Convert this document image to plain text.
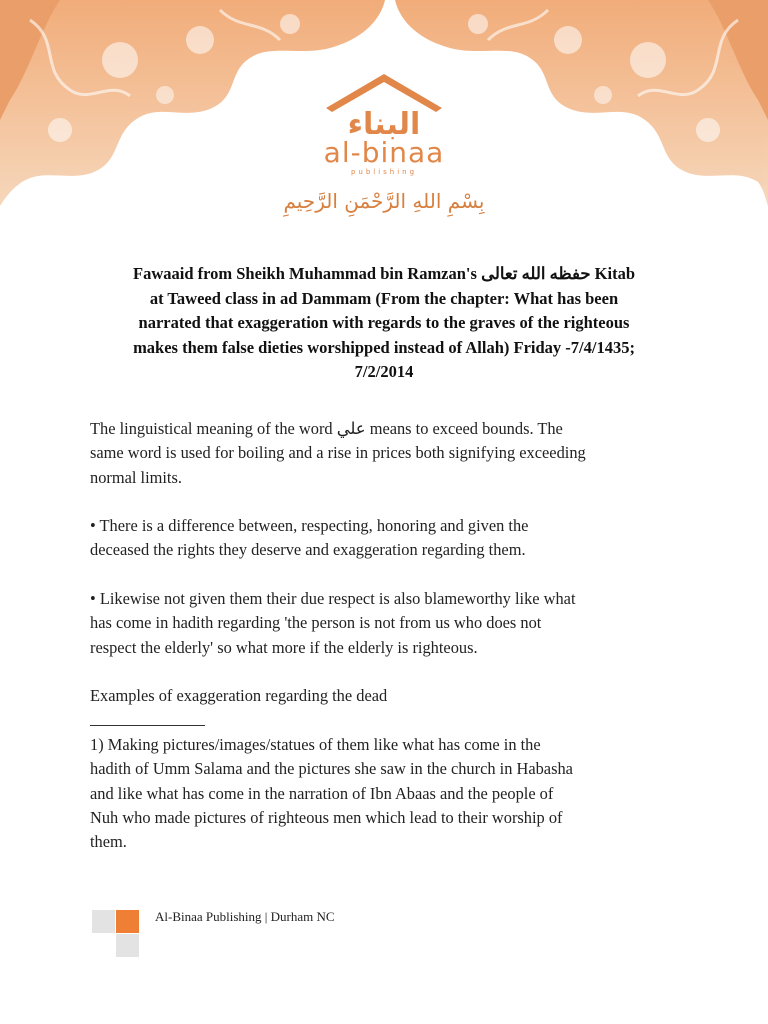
البناء
بِسْمِ اللهِ الرَّحْمَنِ الرَّحِيمِ
al-binaa
publishing
Fawaaid from Sheikh Muhammad bin Ramzan's حفظه الله تعالى Kitab
at Taweed class in ad Dammam (From the chapter: What has been
narrated that exaggeration with regards to the graves of the righteous
makes them false dieties worshipped instead of Allah) Friday -7/4/1435;
7/2/2014
The linguistical meaning of the word علي means to exceed bounds. The
same word is used for boiling and a rise in prices both signifying exceeding
normal limits.
• There is a difference between, respecting, honoring and given the
deceased the rights they deserve and exaggeration regarding them.
• Likewise not given them their due respect is also blameworthy like what
has come in hadith regarding 'the person is not from us who does not
respect the elderly' so what more if the elderly is righteous.
Examples of exaggeration regarding the dead
1) Making pictures/images/statues of them like what has come in the
hadith of Umm Salama and the pictures she saw in the church in Habasha
and like what has come in the narration of Ibn Abaas and the people of
Nuh who made pictures of righteous men which lead to their worship of
them.
Al-Binaa Publishing | Durham NC
